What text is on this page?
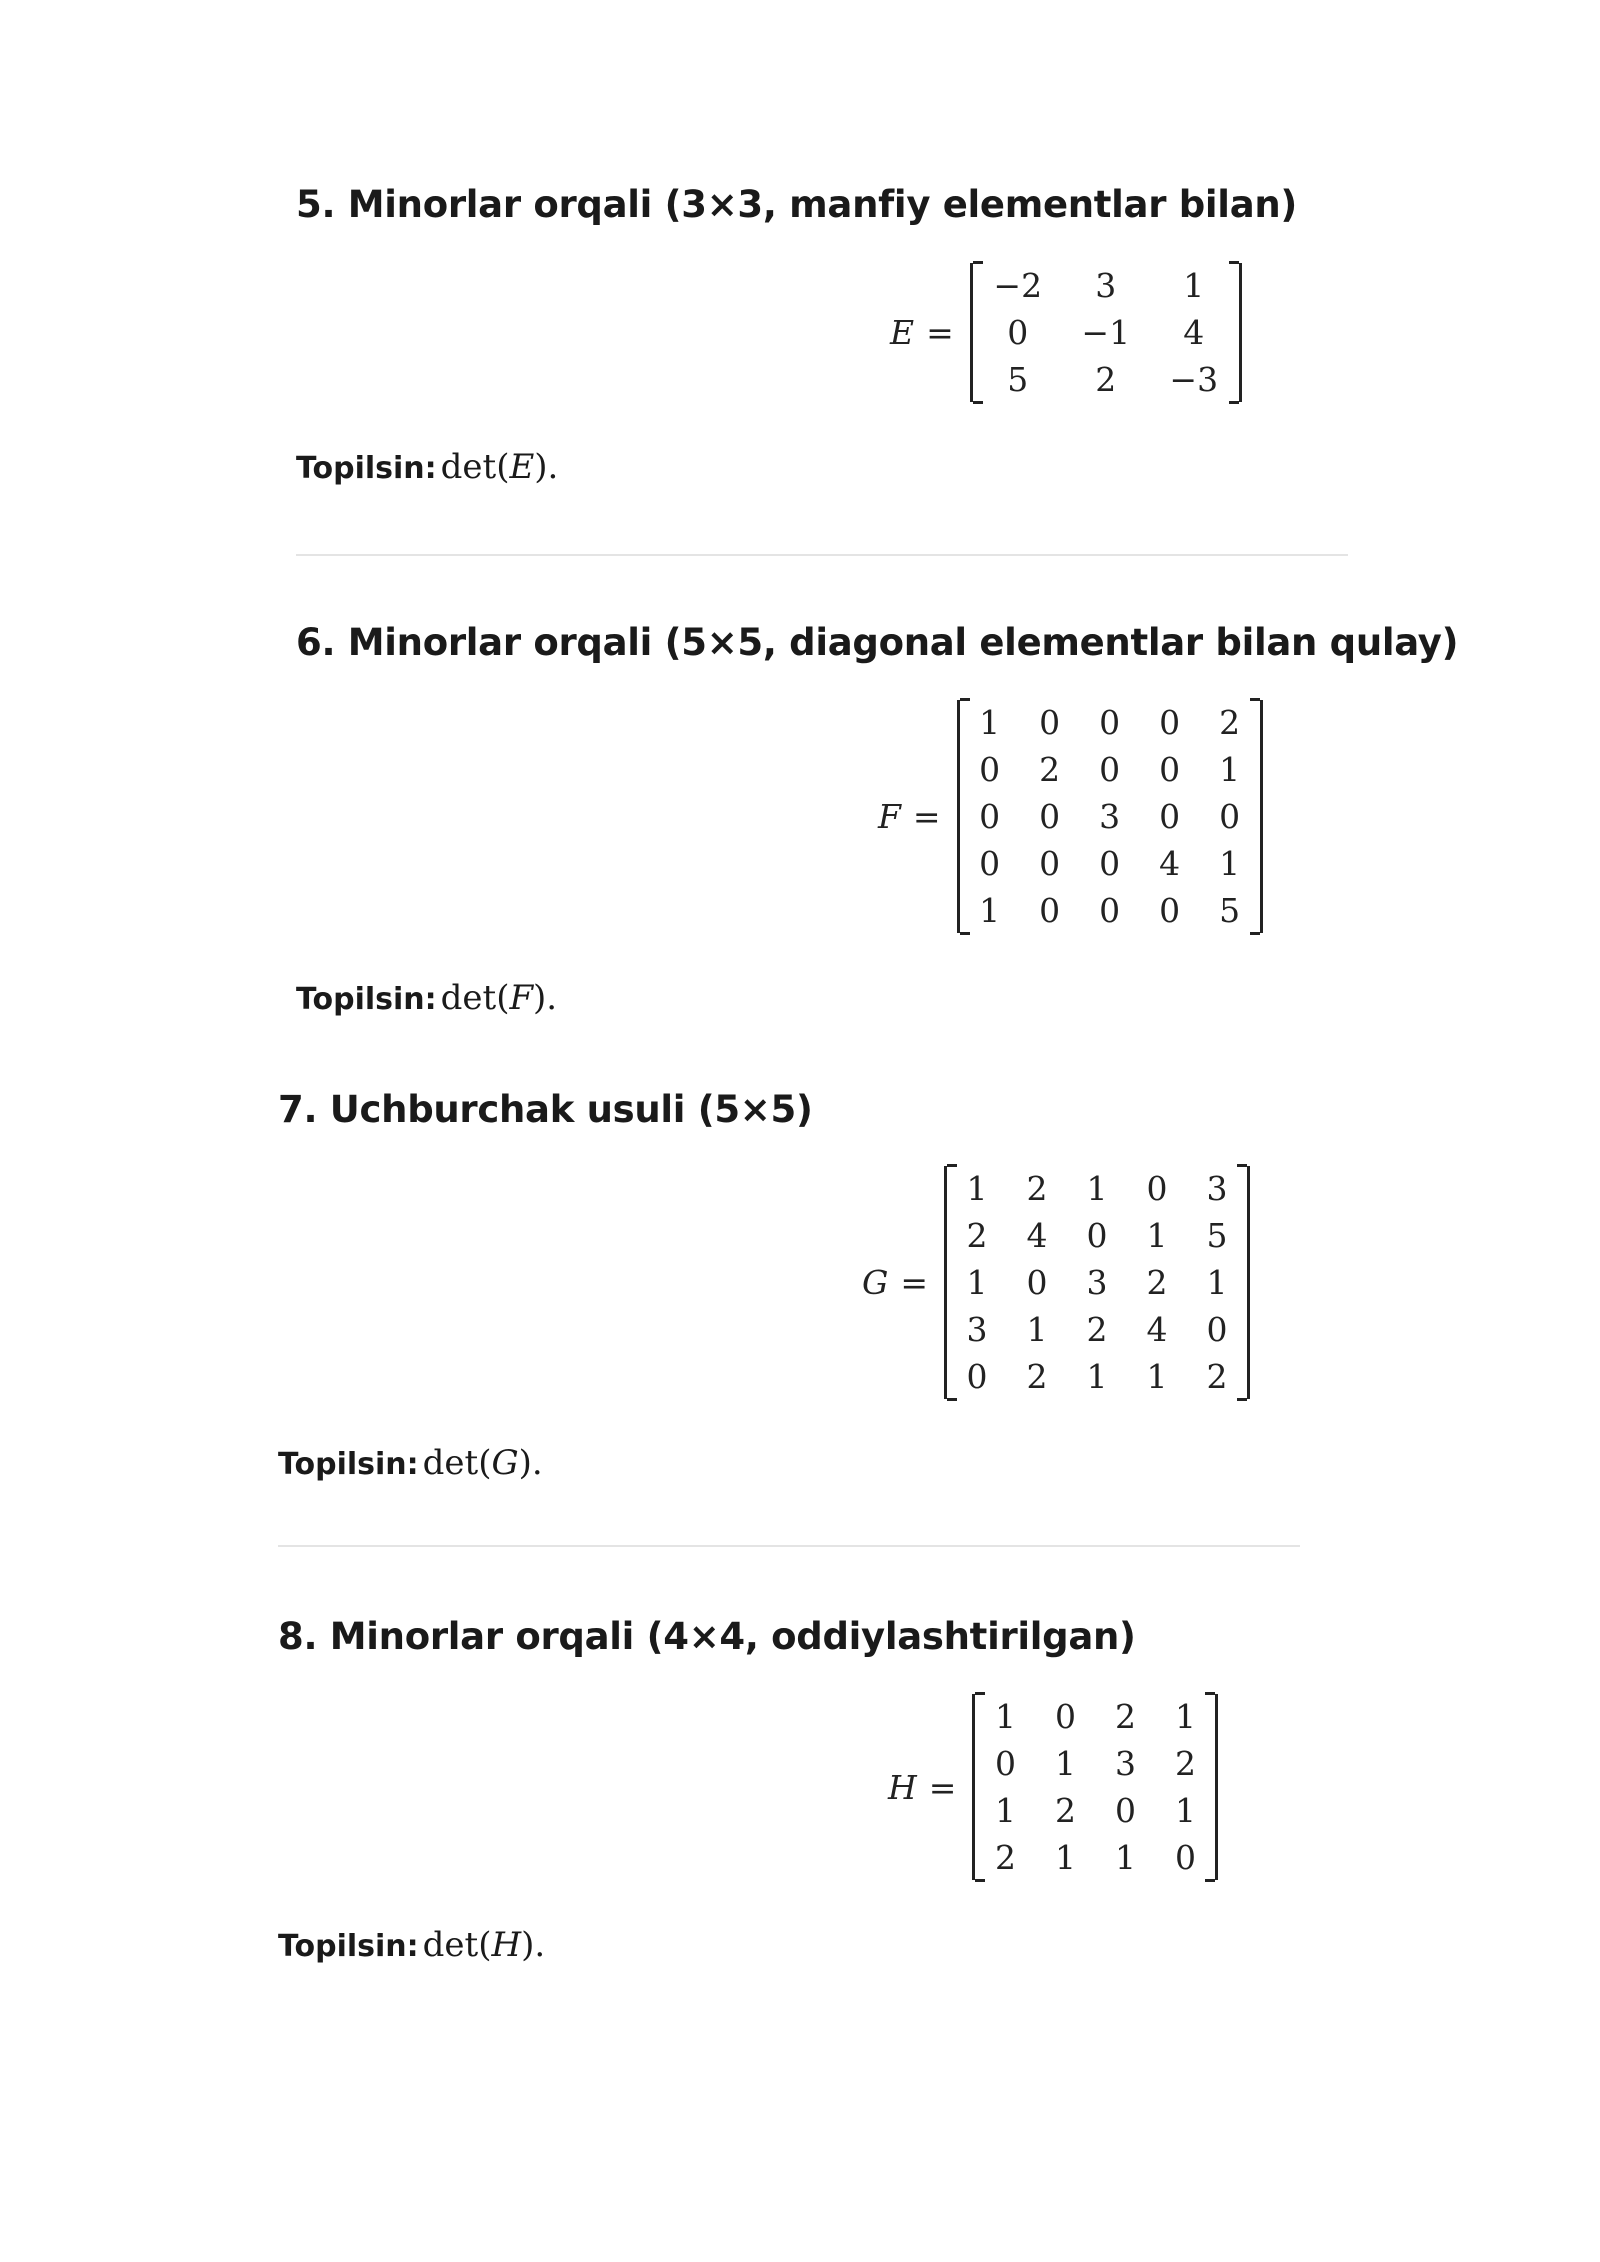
5. Minorlar orqali (3×3, manfiy elementlar bilan)
E =
−2	3	1
0	−1	4
5	2	−3

Topilsin: det(E).

6. Minorlar orqali (5×5, diagonal elementlar bilan qulay)
F =
1 0 0 0 2
0 2 0 0 1
0 0 3 0 0
0 0 0 4 1
1 0 0 0 5

Topilsin: det(F).

7. Uchburchak usuli (5×5)
G =
1 2 1 0 3
2 4 0 1 5
1 0 3 2 1
3 1 2 4 0
0 2 1 1 2

Topilsin: det(G).

8. Minorlar orqali (4×4, oddiylashtirilgan)
H =
1 0 2 1
0 1 3 2
1 2 0 1
2 1 1 0

Topilsin: det(H).
